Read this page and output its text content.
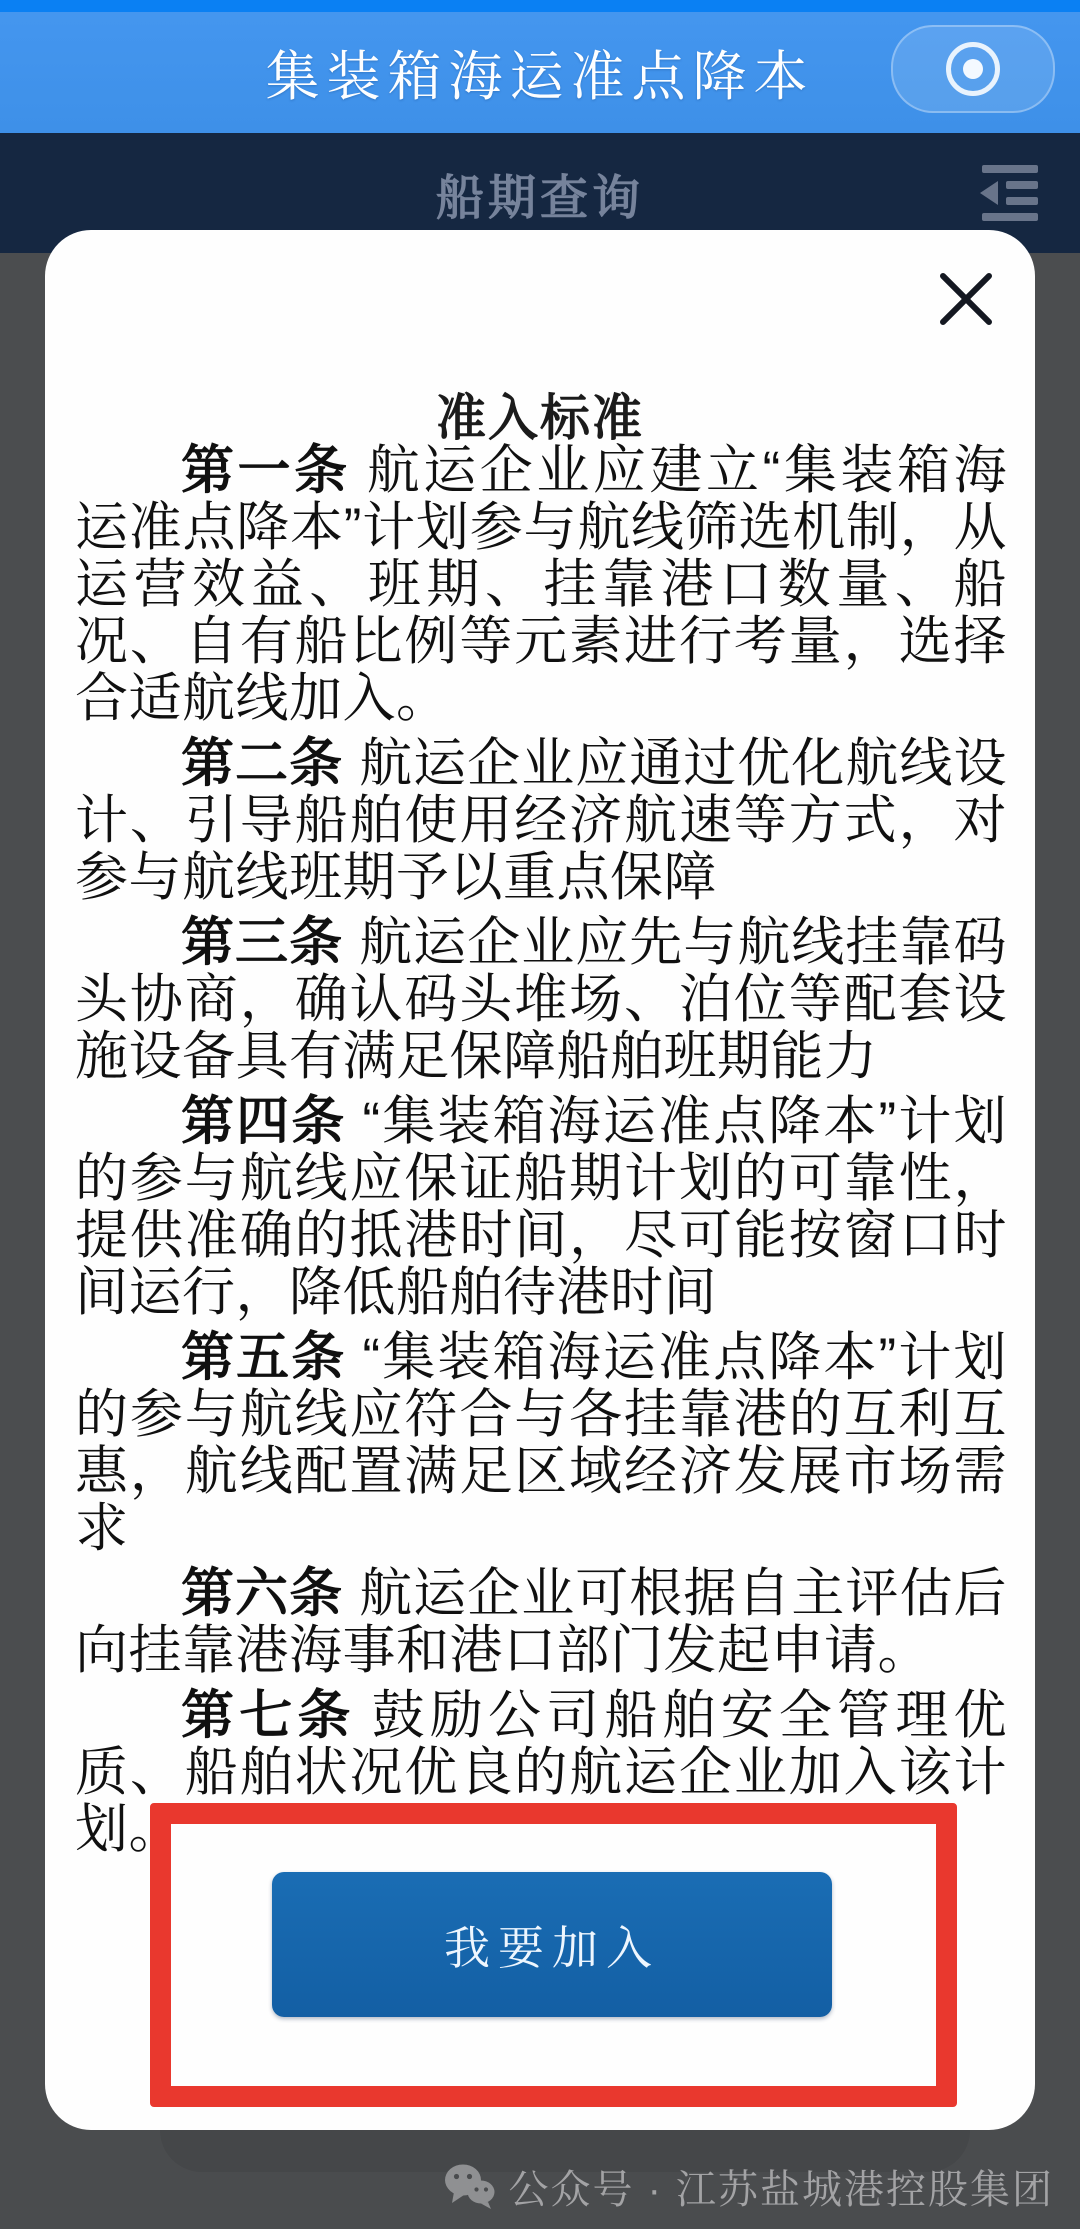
集装箱海运准点降本
船期查询
准入标准

第一条 航运企业应建立“集装箱海运准点降本”计划参与航线筛选机制，从运营效益、班期、挂靠港口数量、船况、自有船比例等元素进行考量，选择合适航线加入。

第二条 航运企业应通过优化航线设计、引导船舶使用经济航速等方式，对参与航线班期予以重点保障

第三条 航运企业应先与航线挂靠码头协商，确认码头堆场、泊位等配套设施设备具有满足保障船舶班期能力

第四条 “集装箱海运准点降本”计划的参与航线应保证船期计划的可靠性，提供准确的抵港时间，尽可能按窗口时间运行，降低船舶待港时间

第五条 “集装箱海运准点降本”计划的参与航线应符合与各挂靠港的互利互惠，航线配置满足区域经济发展市场需求

第六条 航运企业可根据自主评估后向挂靠港海事和港口部门发起申请。

第七条 鼓励公司船舶安全管理优质、船舶状况优良的航运企业加入该计划。

我要加入
公众号 · 江苏盐城港控股集团
